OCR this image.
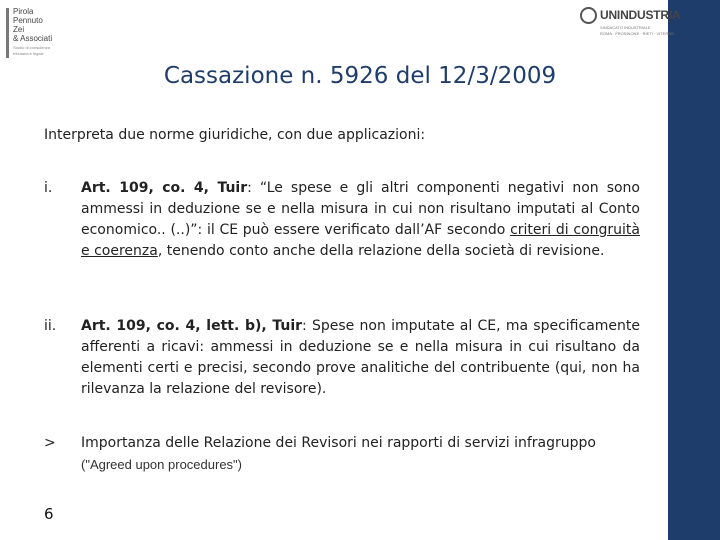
Pirola
Pennuto
Zei
& Associati
Studio di consulenza
tributaria e legale
UNINDUSTRIA
SINDACATO INDUSTRIALE
ROMA · FROSINONE · RIETI · VITERBO
Cassazione n. 5926 del 12/3/2009
Interpreta due norme giuridiche, con due applicazioni:
i. Art. 109, co. 4, Tuir: “Le spese e gli altri componenti negativi non sono ammessi in deduzione se e nella misura in cui non risultano imputati al Conto economico.. (..)”: il CE può essere verificato dall’AF secondo criteri di congruità e coerenza, tenendo conto anche della relazione della società di revisione.
ii. Art. 109, co. 4, lett. b), Tuir: Spese non imputate al CE, ma specificamente afferenti a ricavi: ammessi in deduzione se e nella misura in cui risultano da elementi certi e precisi, secondo prove analitiche del contribuente (qui, non ha rilevanza la relazione del revisore).
> Importanza delle Relazione dei Revisori nei rapporti di servizi infragruppo
("Agreed upon procedures")
6
